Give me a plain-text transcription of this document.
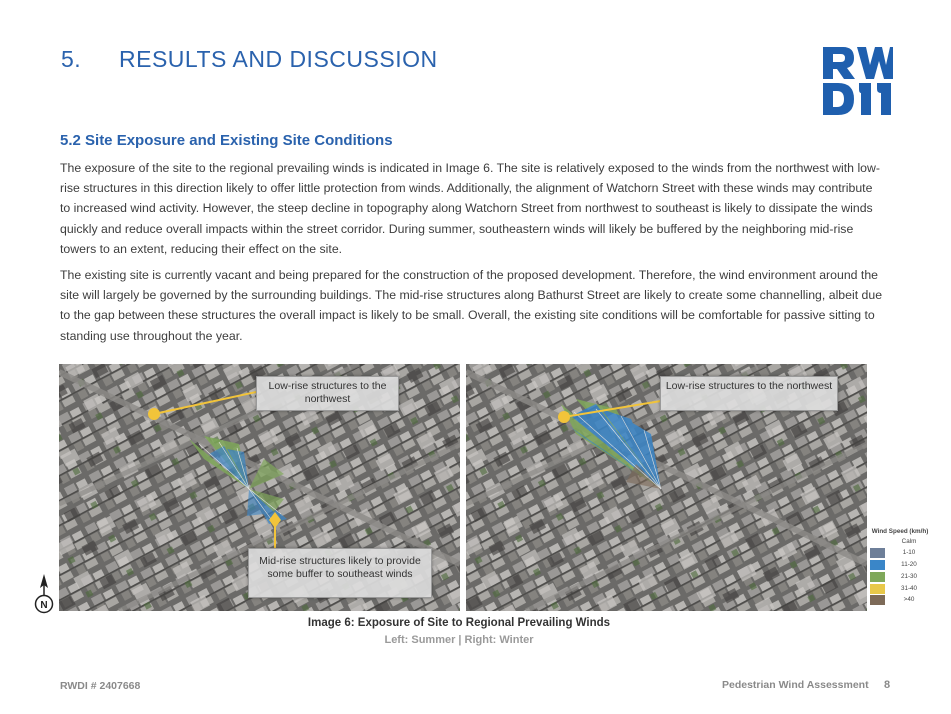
5. RESULTS AND DISCUSSION
5.2 Site Exposure and Existing Site Conditions

The exposure of the site to the regional prevailing winds is indicated in Image 6. The site is relatively exposed to the winds from the northwest with low-rise structures in this direction likely to offer little protection from winds. Additionally, the alignment of Watchorn Street with these winds may contribute to increased wind activity. However, the steep decline in topography along Watchorn Street from northwest to southeast is likely to dissipate the winds quickly and reduce overall impacts within the street corridor. During summer, southeastern winds will likely be buffered by the neighboring mid-rise towers to an extent, reducing their effect on the site.

The existing site is currently vacant and being prepared for the construction of the proposed development. Therefore, the wind environment around the site will largely be governed by the surrounding buildings. The mid-rise structures along Bathurst Street are likely to create some channelling, albeit due to the gap between these structures the overall impact is likely to be small. Overall, the existing site conditions will be comfortable for passive sitting to standing use throughout the year.

Low-rise structures to the northwest
Mid-rise structures likely to provide some buffer to southeast winds
Low-rise structures to the northwest
N
Wind Speed (km/h)
Calm
1-10
11-20
21-30
31-40
>40
Image 6: Exposure of Site to Regional Prevailing Winds
Left: Summer | Right: Winter
RWDI # 2407668	Pedestrian Wind Assessment 8
